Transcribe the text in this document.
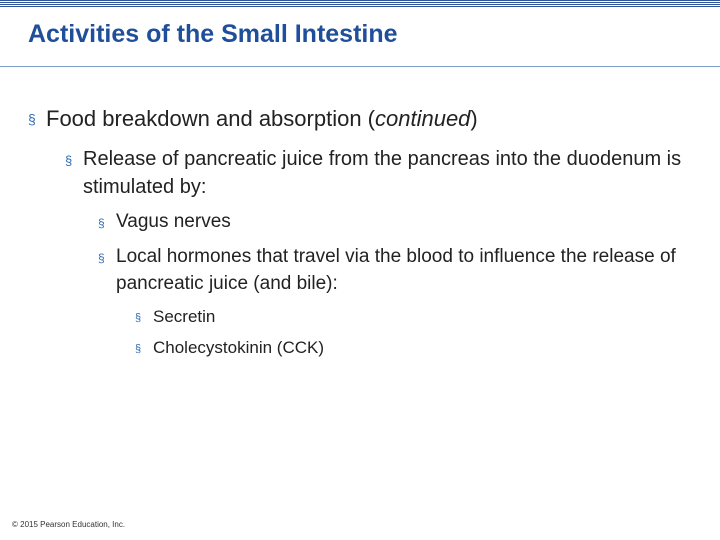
Activities of the Small Intestine
§ Food breakdown and absorption (continued)
§ Release of pancreatic juice from the pancreas into the duodenum is stimulated by:
§ Vagus nerves
§ Local hormones that travel via the blood to influence the release of pancreatic juice (and bile):
§ Secretin
§ Cholecystokinin (CCK)
© 2015 Pearson Education, Inc.
